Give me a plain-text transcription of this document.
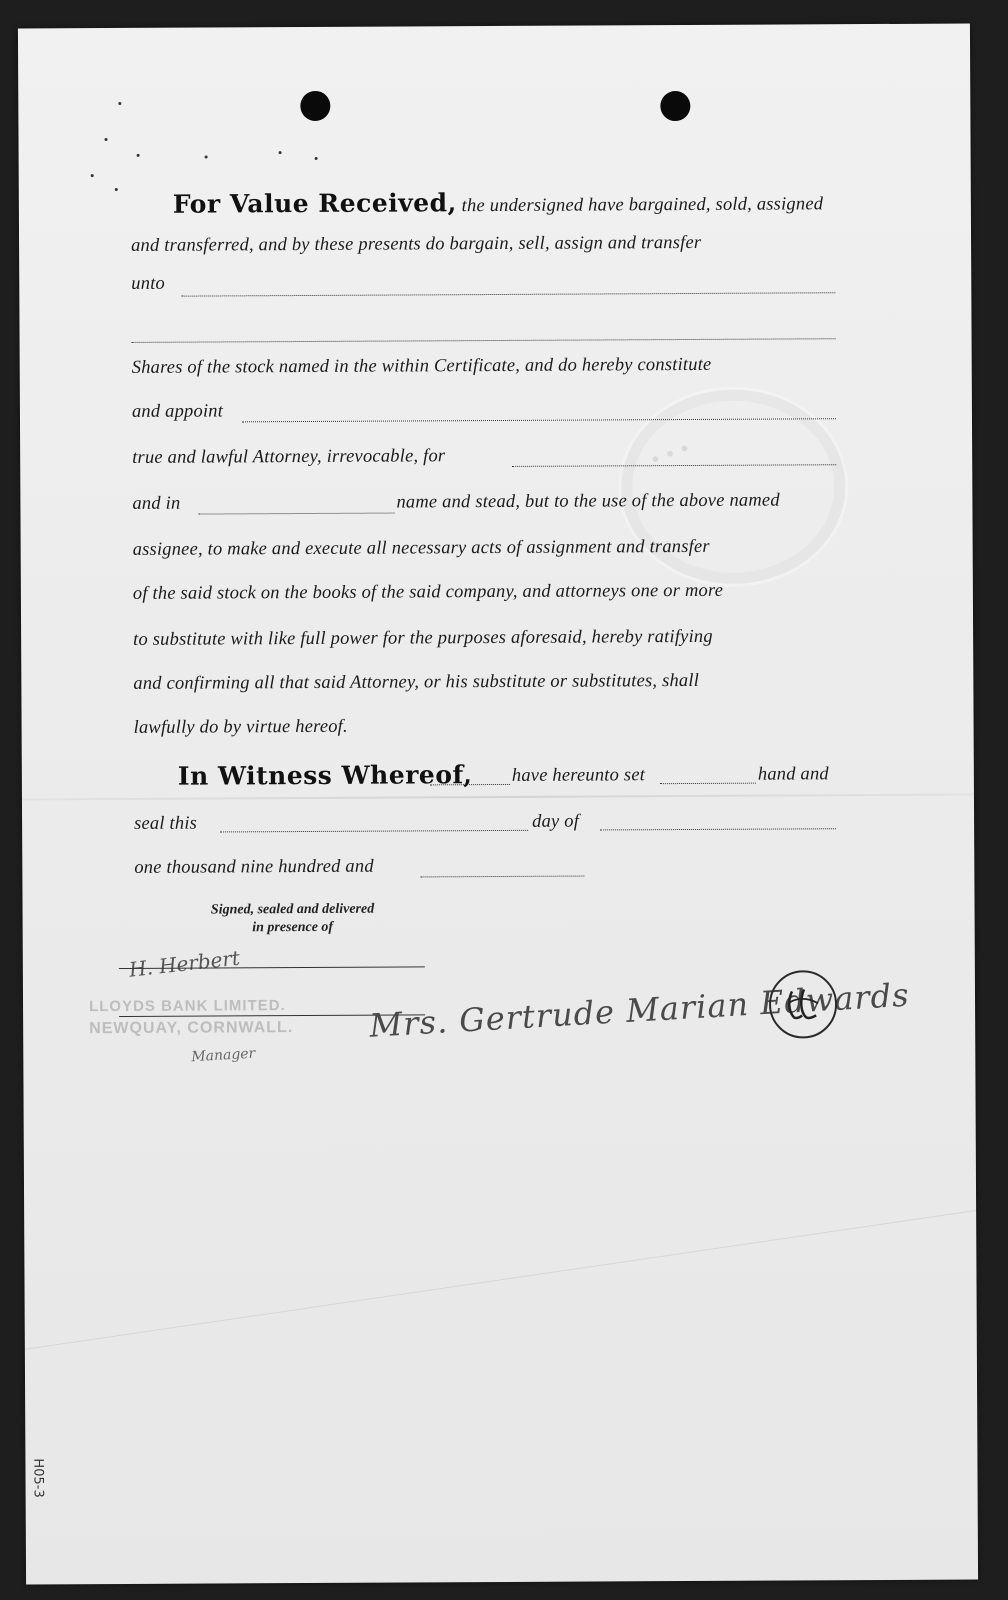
● ● ●
For Value Received, the undersigned have bargained, sold, assigned
and transferred, and by these presents do bargain, sell, assign and transfer
unto
Shares of the stock named in the within Certificate, and do hereby constitute
and appoint
true and lawful Attorney, irrevocable, for
and in	name and stead, but to the use of the above named
assignee, to make and execute all necessary acts of assignment and transfer
of the said stock on the books of the said company, and attorneys one or more
to substitute with like full power for the purposes aforesaid, hereby ratifying
and confirming all that said Attorney, or his substitute or substitutes, shall
lawfully do by virtue hereof.
In Witness Whereof, have hereunto set	hand and
seal this	day of
one thousand nine hundred and
Signed, sealed and delivered
in presence of
H. Herbert
LLOYDS BANK LIMITED.
NEWQUAY, CORNWALL.
Manager
Mrs. Gertrude Marian Edwards
H05-3
